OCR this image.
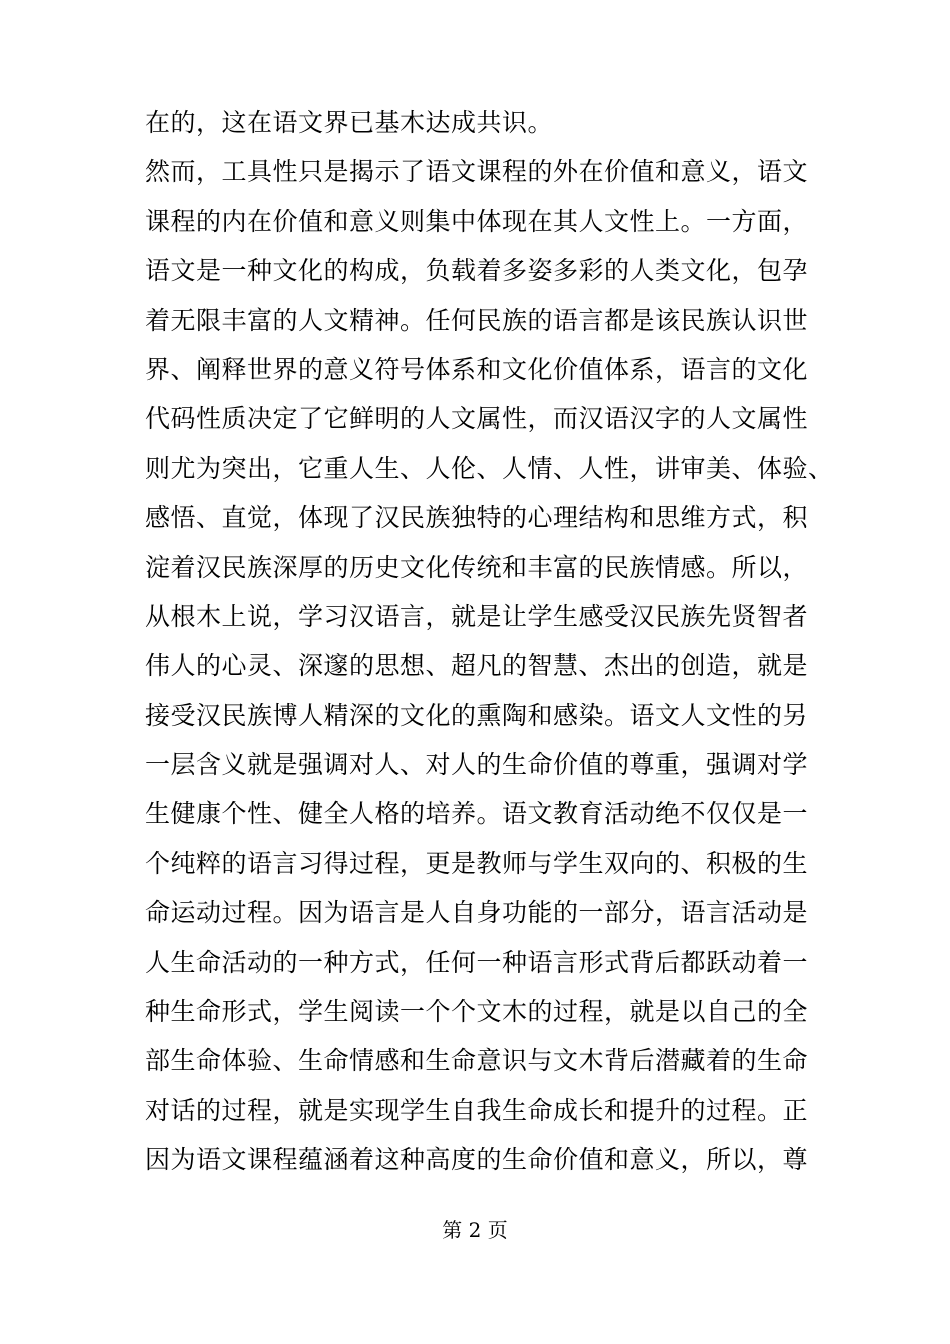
在的，这在语文界已基木达成共识。
然而，工具性只是揭示了语文课程的外在价值和意义，语文
课程的内在价值和意义则集中体现在其人文性上。一方面，
语文是一种文化的构成，负载着多姿多彩的人类文化，包孕
着无限丰富的人文精神。任何民族的语言都是该民族认识世
界、阐释世界的意义符号体系和文化价值体系，语言的文化
代码性质决定了它鲜明的人文属性，而汉语汉字的人文属性
则尤为突出，它重人生、人伦、人情、人性，讲审美、体验、
感悟、直觉，体现了汉民族独特的心理结构和思维方式，积
淀着汉民族深厚的历史文化传统和丰富的民族情感。所以，
从根木上说，学习汉语言，就是让学生感受汉民族先贤智者
伟人的心灵、深邃的思想、超凡的智慧、杰出的创造，就是
接受汉民族博人精深的文化的熏陶和感染。语文人文性的另
一层含义就是强调对人、对人的生命价值的尊重，强调对学
生健康个性、健全人格的培养。语文教育活动绝不仅仅是一
个纯粹的语言习得过程，更是教师与学生双向的、积极的生
命运动过程。因为语言是人自身功能的一部分，语言活动是
人生命活动的一种方式，任何一种语言形式背后都跃动着一
种生命形式，学生阅读一个个文木的过程，就是以自己的全
部生命体验、生命情感和生命意识与文木背后潜藏着的生命
对话的过程，就是实现学生自我生命成长和提升的过程。正
因为语文课程蕴涵着这种高度的生命价值和意义，所以，尊
第 2 页
